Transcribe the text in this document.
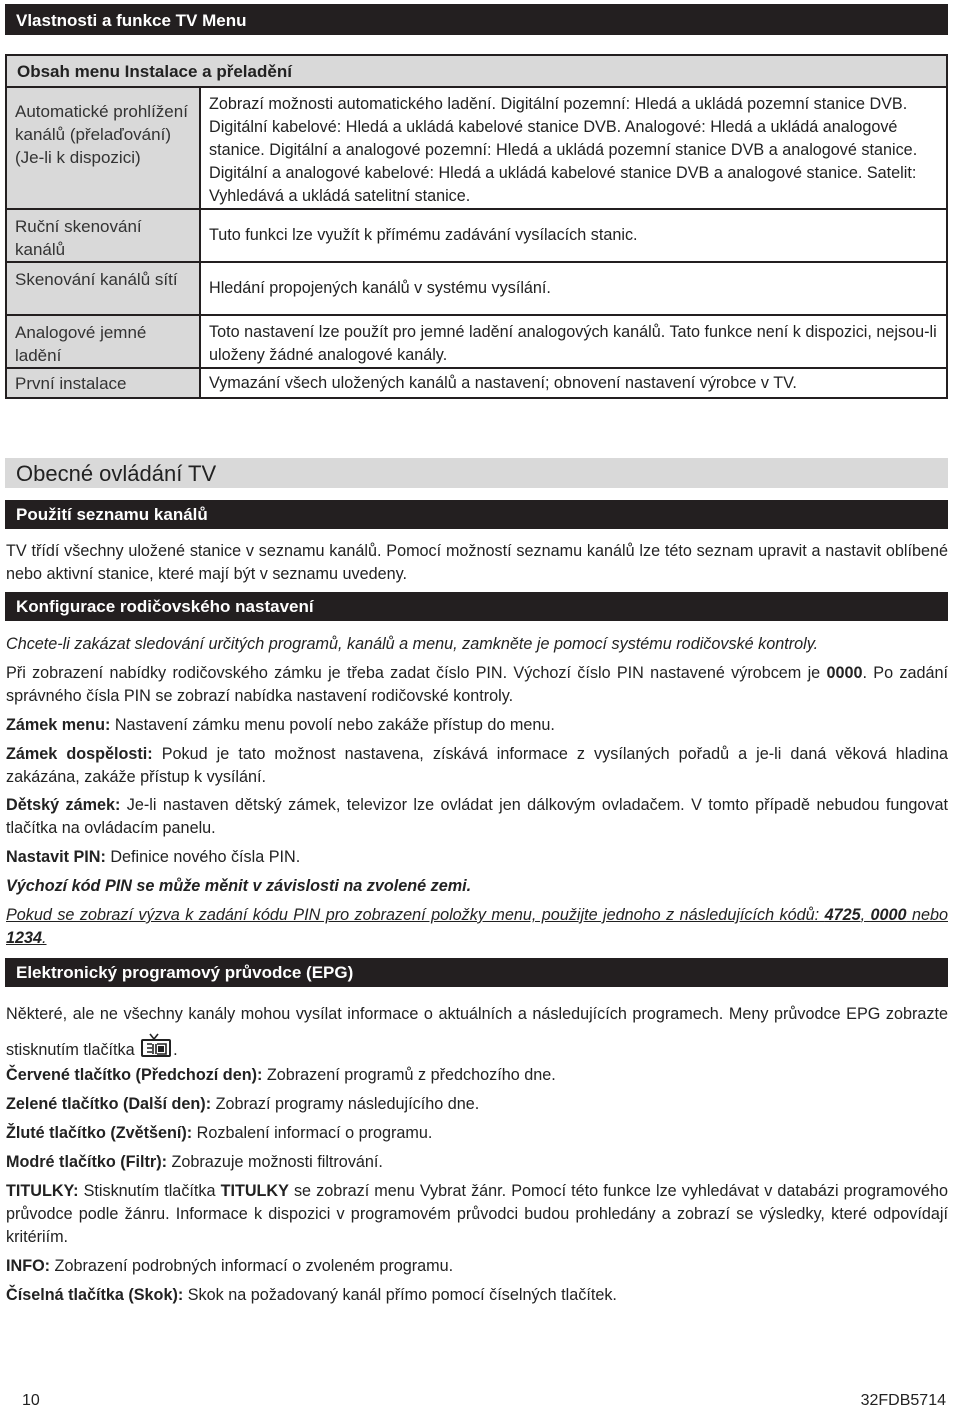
Vlastnosti a funkce TV Menu
Obsah menu Instalace a přeladění
Automatické prohlížení kanálů (přelaďování) (Je-li k dispozici)	Zobrazí možnosti automatického ladění. Digitální pozemní: Hledá a ukládá pozemní stanice DVB. Digitální kabelové: Hledá a ukládá kabelové stanice DVB. Analogové: Hledá a ukládá analogové stanice. Digitální a analogové pozemní: Hledá a ukládá pozemní stanice DVB a analogové stanice. Digitální a analogové kabelové: Hledá a ukládá kabelové stanice DVB a analogové stanice. Satelit: Vyhledává a ukládá satelitní stanice.
Ruční skenování kanálů	Tuto funkci lze využít k přímému zadávání vysílacích stanic.
Skenování kanálů sítí	Hledání propojených kanálů v systému vysílání.
Analogové jemné ladění	Toto nastavení lze použít pro jemné ladění analogových kanálů. Tato funkce není k dispozici, nejsou-li uloženy žádné analogové kanály.
První instalace	Vymazání všech uložených kanálů a nastavení; obnovení nastavení výrobce v TV.
Obecné ovládání TV
Použití seznamu kanálů

TV třídí všechny uložené stanice v seznamu kanálů. Pomocí možností seznamu kanálů lze této seznam upravit a nastavit oblíbené nebo aktivní stanice, které mají být v seznamu uvedeny.

Konfigurace rodičovského nastavení

Chcete-li zakázat sledování určitých programů, kanálů a menu, zamkněte je pomocí systému rodičovské kontroly.

Při zobrazení nabídky rodičovského zámku je třeba zadat číslo PIN. Výchozí číslo PIN nastavené výrobcem je 0000. Po zadání správného čísla PIN se zobrazí nabídka nastavení rodičovské kontroly.

Zámek menu: Nastavení zámku menu povolí nebo zakáže přístup do menu.

Zámek dospělosti: Pokud je tato možnost nastavena, získává informace z vysílaných pořadů a je-li daná věková hladina zakázána, zakáže přístup k vysílání.

Dětský zámek: Je-li nastaven dětský zámek, televizor lze ovládat jen dálkovým ovladačem. V tomto případě nebudou fungovat tlačítka na ovládacím panelu.

Nastavit PIN: Definice nového čísla PIN.

Výchozí kód PIN se může měnit v závislosti na zvolené zemi.

Pokud se zobrazí výzva k zadání kódu PIN pro zobrazení položky menu, použijte jednoho z následujících kódů: 4725, 0000 nebo 1234.

Elektronický programový průvodce (EPG)

Některé, ale ne všechny kanály mohou vysílat informace o aktuálních a následujících programech. Meny průvodce EPG zobrazte stisknutím tlačítka .

Červené tlačítko (Předchozí den): Zobrazení programů z předchozího dne.

Zelené tlačítko (Další den): Zobrazí programy následujícího dne.

Žluté tlačítko (Zvětšení): Rozbalení informací o programu.

Modré tlačítko (Filtr): Zobrazuje možnosti filtrování.

TITULKY: Stisknutím tlačítka TITULKY se zobrazí menu Vybrat žánr. Pomocí této funkce lze vyhledávat v databázi programového průvodce podle žánru. Informace k dispozici v programovém průvodci budou prohledány a zobrazí se výsledky, které odpovídají kritériím.

INFO: Zobrazení podrobných informací o zvoleném programu.

Číselná tlačítka (Skok): Skok na požadovaný kanál přímo pomocí číselných tlačítek.

10	32FDB5714
